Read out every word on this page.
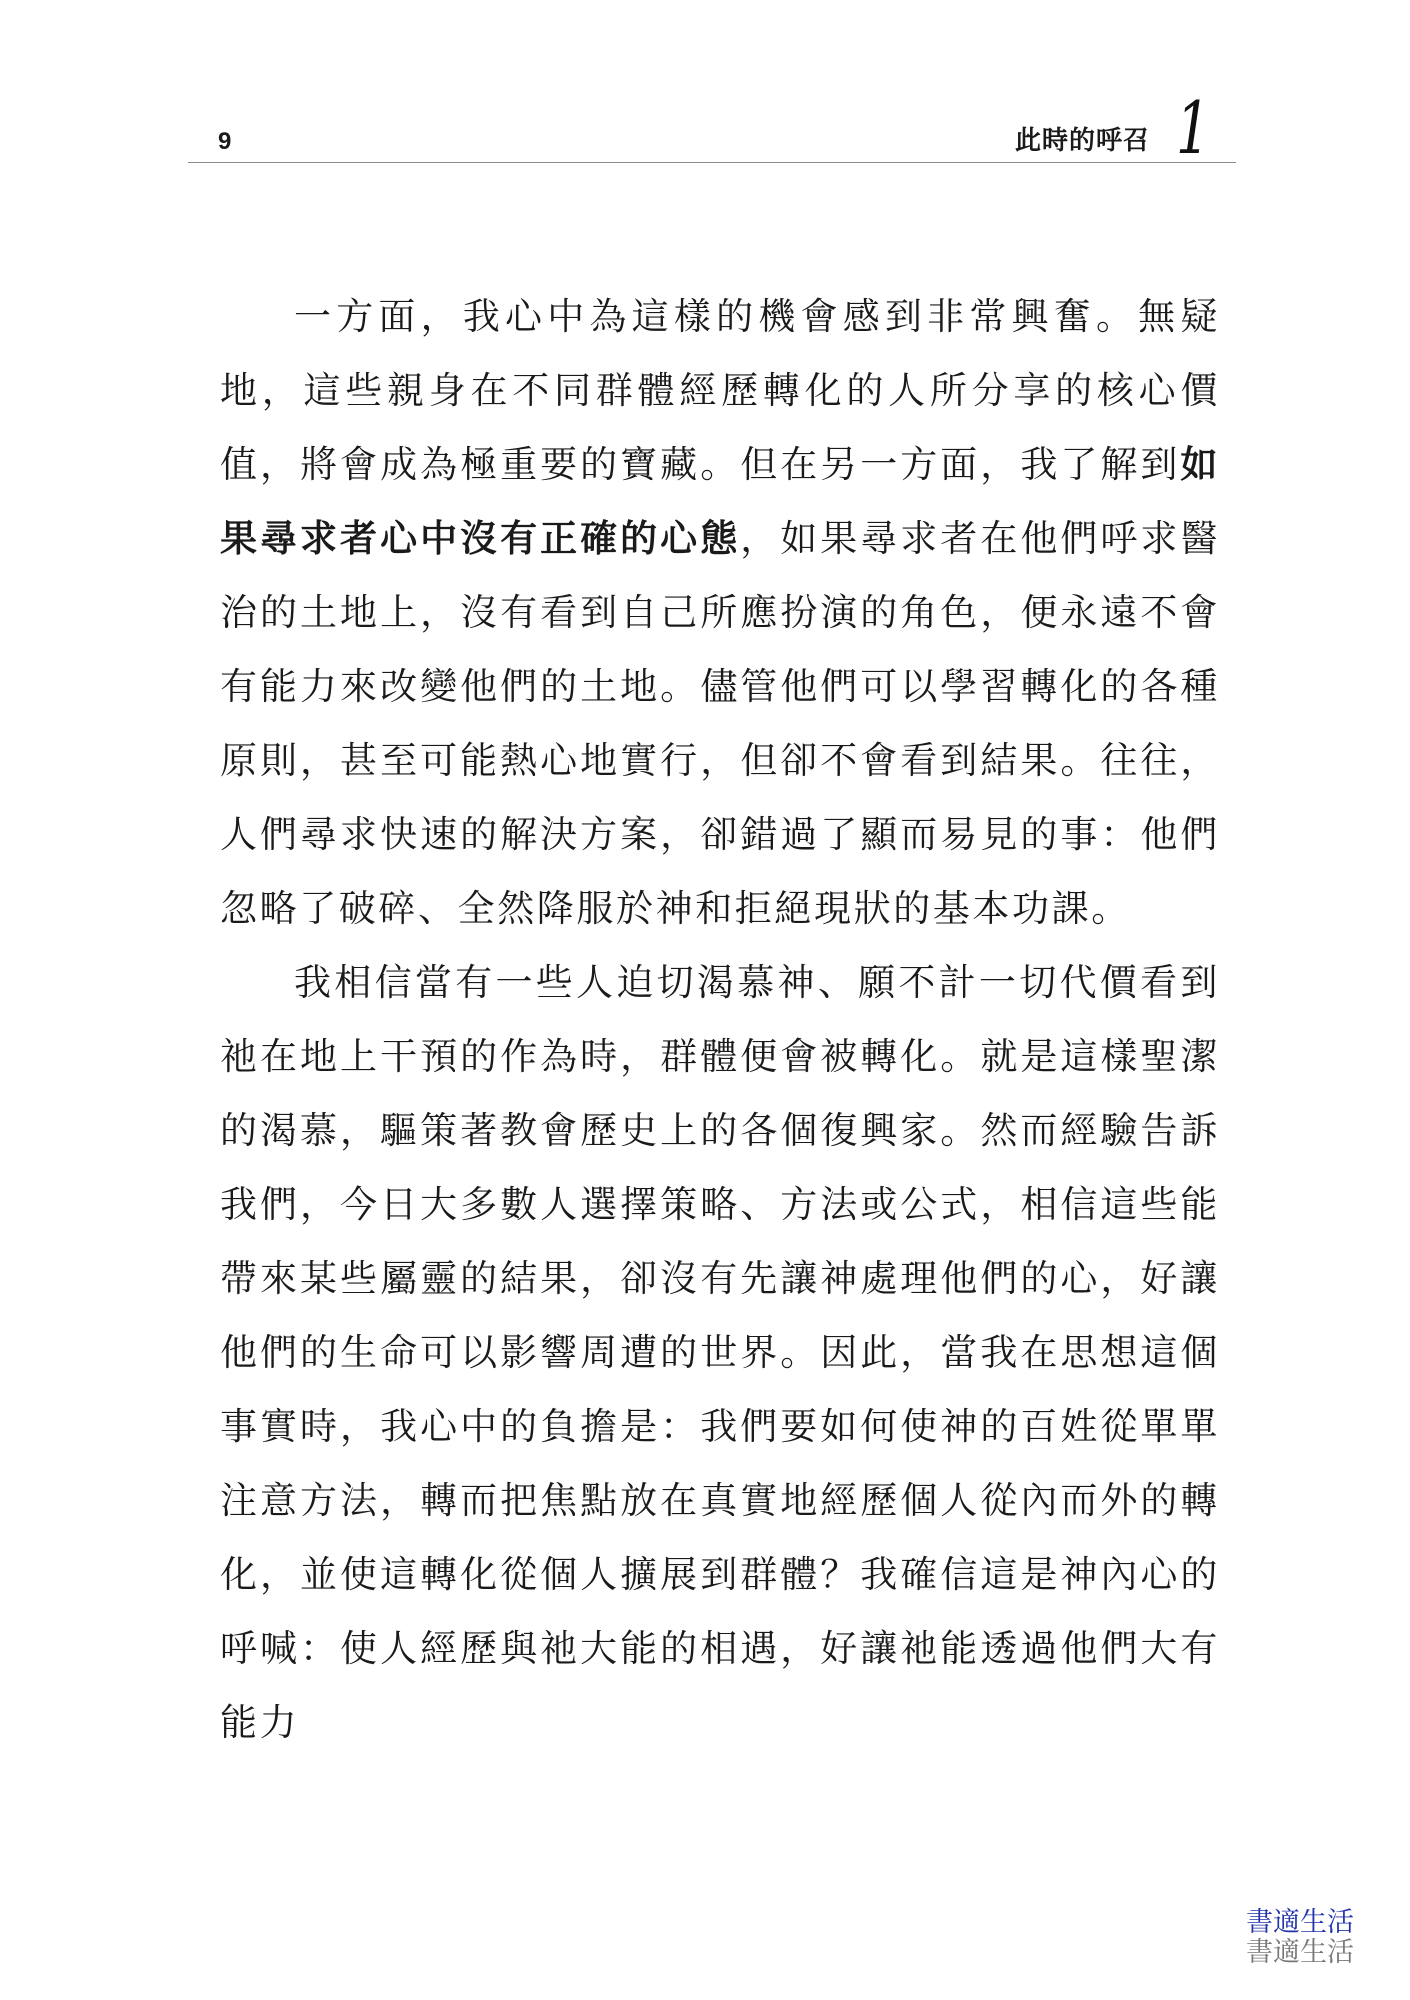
9	此時的呼召 1

一方面，我心中為這樣的機會感到非常興奮。無疑地，這些親身在不同群體經歷轉化的人所分享的核心價值，將會成為極重要的寶藏。但在另一方面，我了解到如果尋求者心中沒有正確的心態，如果尋求者在他們呼求醫治的土地上，沒有看到自己所應扮演的角色，便永遠不會有能力來改變他們的土地。儘管他們可以學習轉化的各種原則，甚至可能熱心地實行，但卻不會看到結果。往往，人們尋求快速的解決方案，卻錯過了顯而易見的事：他們忽略了破碎、全然降服於神和拒絕現狀的基本功課。

我相信當有一些人迫切渴慕神、願不計一切代價看到祂在地上干預的作為時，群體便會被轉化。就是這樣聖潔的渴慕，驅策著教會歷史上的各個復興家。然而經驗告訴我們，今日大多數人選擇策略、方法或公式，相信這些能帶來某些屬靈的結果，卻沒有先讓神處理他們的心，好讓他們的生命可以影響周遭的世界。因此，當我在思想這個事實時，我心中的負擔是：我們要如何使神的百姓從單單注意方法，轉而把焦點放在真實地經歷個人從內而外的轉化，並使這轉化從個人擴展到群體？我確信這是神內心的呼喊：使人經歷與祂大能的相遇，好讓祂能透過他們大有能力

書適生活
書適生活
